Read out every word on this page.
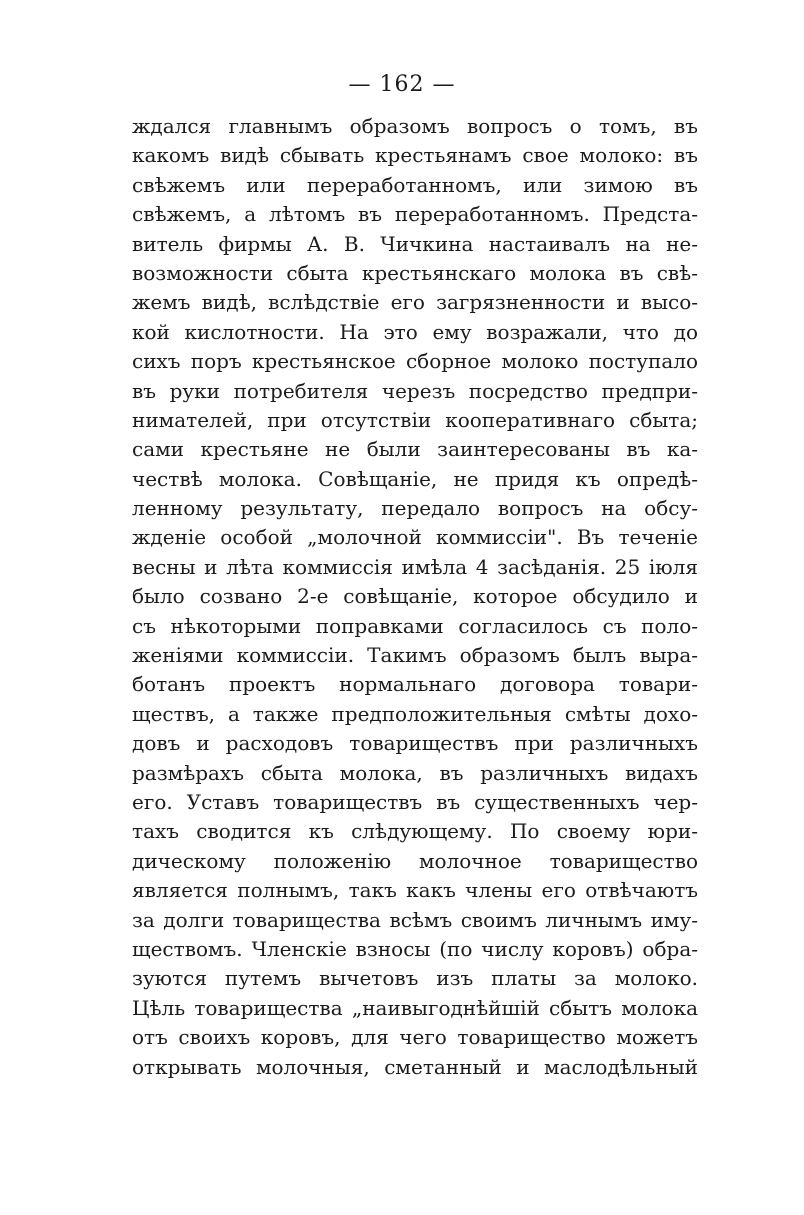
— 162 —
ждался главнымъ образомъ вопросъ о томъ, въ
какомъ видѣ сбывать крестьянамъ свое молоко: въ
свѣжемъ или переработанномъ, или зимою въ
свѣжемъ, а лѣтомъ въ переработанномъ. Предста-
витель фирмы А. В. Чичкина настаивалъ на не-
возможности сбыта крестьянскаго молока въ свѣ-
жемъ видѣ, вслѣдствіе его загрязненности и высо-
кой кислотности. На это ему возражали, что до
сихъ поръ крестьянское сборное молоко поступало
въ руки потребителя черезъ посредство предпри-
нимателей, при отсутствіи кооперативнаго сбыта;
сами крестьяне не были заинтересованы въ ка-
чествѣ молока. Совѣщаніе, не придя къ опредѣ-
ленному результату, передало вопросъ на обсу-
жденіе особой „молочной коммиссіи". Въ теченіе
весны и лѣта коммиссія имѣла 4 засѣданія. 25 іюля
было созвано 2-е совѣщаніе, которое обсудило и
съ нѣкоторыми поправками согласилось съ поло-
женіями коммиссіи. Такимъ образомъ былъ выра-
ботанъ проектъ нормальнаго договора товари-
ществъ, а также предположительныя смѣты дохо-
довъ и расходовъ товариществъ при различныхъ
размѣрахъ сбыта молока, въ различныхъ видахъ
его. Уставъ товариществъ въ существенныхъ чер-
тахъ сводится къ слѣдующему. По своему юри-
дическому положенію молочное товарищество
является полнымъ, такъ какъ члены его отвѣчаютъ
за долги товарищества всѣмъ своимъ личнымъ иму-
ществомъ. Членскіе взносы (по числу коровъ) обра-
зуются путемъ вычетовъ изъ платы за молоко.
Цѣль товарищества „наивыгоднѣйшій сбытъ молока
отъ своихъ коровъ, для чего товарищество можетъ
открывать молочныя, сметанный и маслодѣльный
